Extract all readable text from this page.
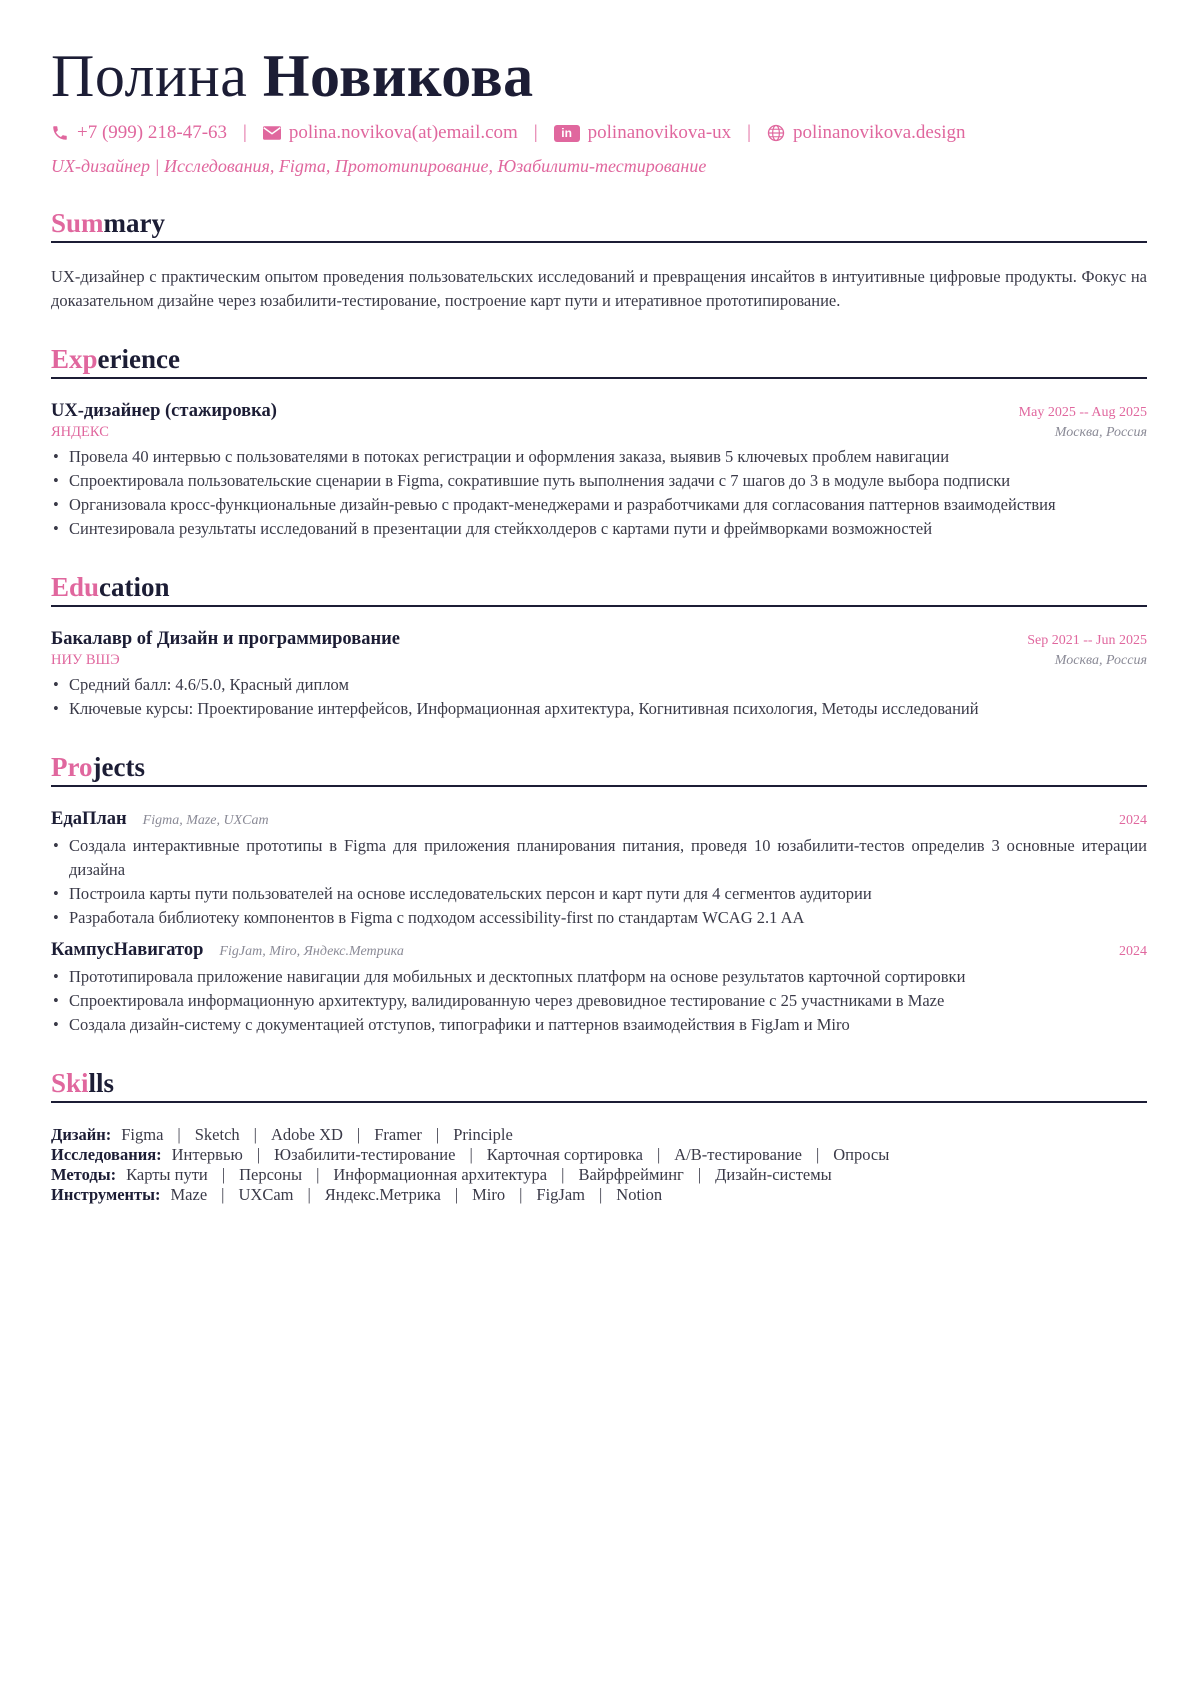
Полина Новикова
+7 (999) 218-47-63 | polina.novikova(at)email.com |	in polinanovikova-ux | polinanovikova.design
UX-дизайнер | Исследования, Figma, Прототипирование, Юзабилити-тестирование
Summary

UX-дизайнер с практическим опытом проведения пользовательских исследований и превращения инсайтов в интуитивные цифровые продукты. Фокус на доказательном дизайне через юзабилити-тестирование, построение карт пути и итеративное прототипирование.

Experience
UX-дизайнер (стажировка)	May 2025 -- Aug 2025
ЯНДЕКС	Москва, Россия
• Провела 40 интервью с пользователями в потоках регистрации и оформления заказа, выявив 5 ключевых проблем навигации
• Спроектировала пользовательские сценарии в Figma, сократившие путь выполнения задачи с 7 шагов до 3 в модуле выбора подписки
• Организовала кросс-функциональные дизайн-ревью с продакт-менеджерами и разработчиками для согласования паттернов взаимодействия
• Синтезировала результаты исследований в презентации для стейкхолдеров с картами пути и фреймворками возможностей
Education
Бакалавр of Дизайн и программирование	Sep 2021 -- Jun 2025
НИУ ВШЭ	Москва, Россия
• Средний балл: 4.6/5.0, Красный диплом
• Ключевые курсы: Проектирование интерфейсов, Информационная архитектура, Когнитивная психология, Методы исследований
Projects
ЕдаПлан Figma, Maze, UXCam	2024
• Создала интерактивные прототипы в Figma для приложения планирования питания, проведя 10 юзабилити-тестов определив 3 основные итерации дизайна
• Построила карты пути пользователей на основе исследовательских персон и карт пути для 4 сегментов аудитории
• Разработала библиотеку компонентов в Figma с подходом accessibility-first по стандартам WCAG 2.1 AA
КампусНавигатор FigJam, Miro, Яндекс.Метрика	2024
• Прототипировала приложение навигации для мобильных и десктопных платформ на основе результатов карточной сортировки
• Спроектировала информационную архитектуру, валидированную через древовидное тестирование с 25 участниками в Maze
• Создала дизайн-систему с документацией отступов, типографики и паттернов взаимодействия в FigJam и Miro
Skills
Дизайн: Figma | Sketch | Adobe XD | Framer | Principle
Исследования: Интервью | Юзабилити-тестирование | Карточная сортировка | A/B-тестирование | Опросы
Методы: Карты пути | Персоны | Информационная архитектура | Вайрфрейминг | Дизайн-системы
Инструменты: Maze | UXCam | Яндекс.Метрика | Miro | FigJam | Notion
